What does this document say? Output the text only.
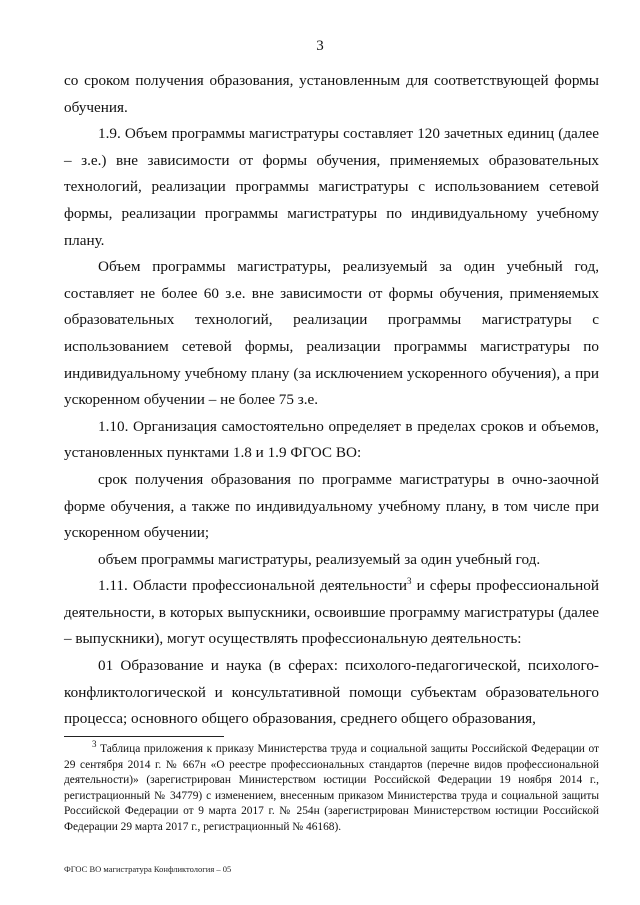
3

со сроком получения образования, установленным для соответствующей формы обучения.

1.9. Объем программы магистратуры составляет 120 зачетных единиц (далее – з.е.) вне зависимости от формы обучения, применяемых образовательных технологий, реализации программы магистратуры с использованием сетевой формы, реализации программы магистратуры по индивидуальному учебному плану.

Объем программы магистратуры, реализуемый за один учебный год, составляет не более 60 з.е. вне зависимости от формы обучения, применяемых образовательных технологий, реализации программы магистратуры с использованием сетевой формы, реализации программы магистратуры по индивидуальному учебному плану (за исключением ускоренного обучения), а при ускоренном обучении – не более 75 з.е.

1.10. Организация самостоятельно определяет в пределах сроков и объемов, установленных пунктами 1.8 и 1.9 ФГОС ВО:

срок получения образования по программе магистратуры в очно-заочной форме обучения, а также по индивидуальному учебному плану, в том числе при ускоренном обучении;

объем программы магистратуры, реализуемый за один учебный год.

1.11. Области профессиональной деятельности$^3$ и сферы профессиональной деятельности, в которых выпускники, освоившие программу магистратуры (далее – выпускники), могут осуществлять профессиональную деятельность:

01 Образование и наука (в сферах: психолого-педагогической, психолого-конфликтологической и консультативной помощи субъектам образовательного процесса; основного общего образования, среднего общего образования,

$^3$ Таблица приложения к приказу Министерства труда и социальной защиты Российской Федерации от 29 сентября 2014 г. № 667н «О реестре профессиональных стандартов (перечне видов профессиональной деятельности)» (зарегистрирован Министерством юстиции Российской Федерации 19 ноября 2014 г., регистрационный № 34779) с изменением, внесенным приказом Министерства труда и социальной защиты Российской Федерации от 9 марта 2017 г. № 254н (зарегистрирован Министерством юстиции Российской Федерации 29 марта 2017 г., регистрационный № 46168).
ФГОС ВО магистратура Конфликтология – 05
